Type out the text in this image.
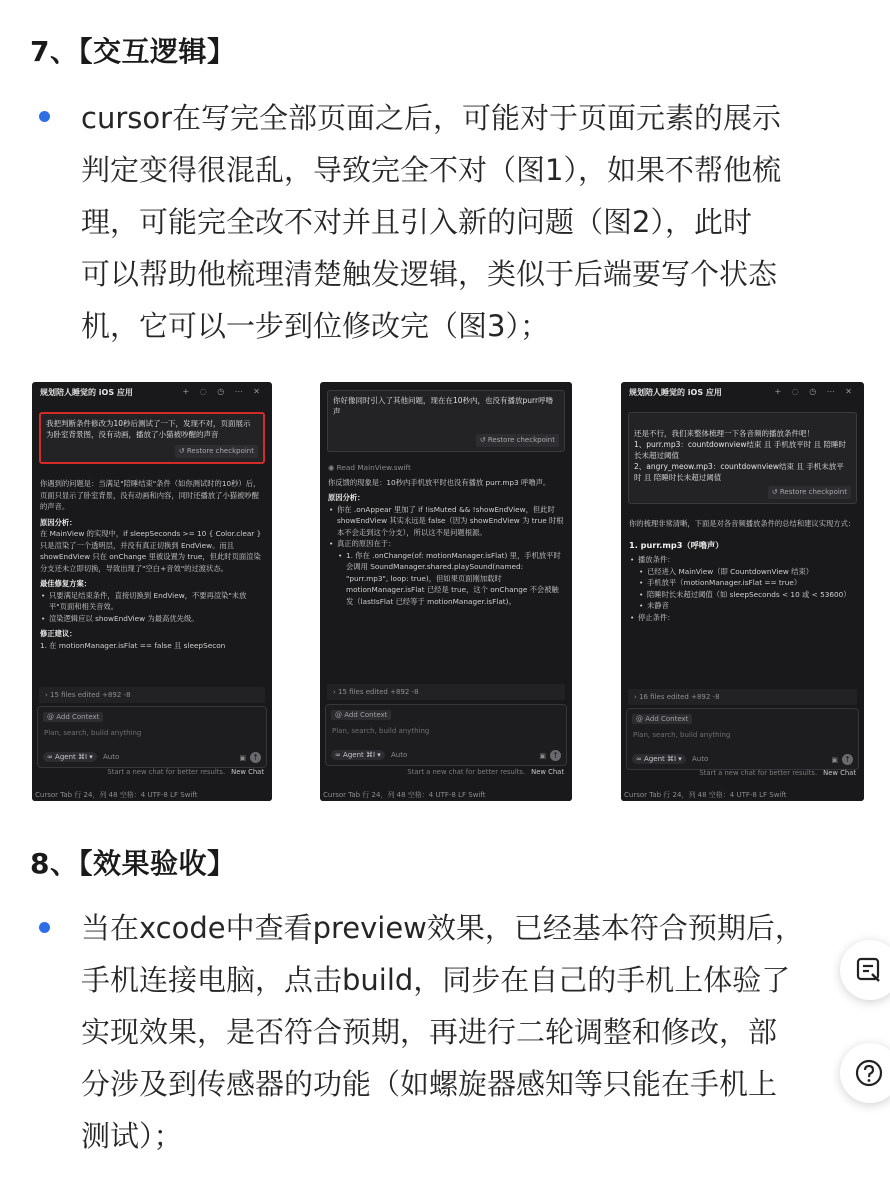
7、【交互逻辑】
cursor在写完全部页面之后，可能对于页面元素的展示
判定变得很混乱，导致完全不对（图1），如果不帮他梳
理，可能完全改不对并且引入新的问题（图2），此时
可以帮助他梳理清楚触发逻辑，类似于后端要写个状态
机，它可以一步到位修改完（图3）；
规划陪人睡觉的 iOS 应用	+ ◌ ◷ ⋯ ✕
我把判断条件修改为10秒后测试了一下，发现不对，页面展示为卧室背景图，没有动画，播放了小猫被吵醒的声音
↺ Restore checkpoint
你遇到的问题是：当满足"陪睡结束"条件（如你测试时的10秒）后，页面只显示了卧室背景，没有动画和内容，同时还播放了小猫被吵醒的声音。
原因分析：
在 MainView 的实现中，if sleepSeconds >= 10 { Color.clear } 只是渲染了一个透明层，并没有真正切换到 EndView。而且 showEndView 只在 onChange 里被设置为 true，但此时页面渲染分支还未立即切换，导致出现了"空白+音效"的过渡状态。
最佳修复方案：
• 只要满足结束条件，直接切换到 EndView，不要再渲染"未放平"页面和相关音效。
• 渲染逻辑应以 showEndView 为最高优先级。
修正建议：
1. 在 motionManager.isFlat == false 且 sleepSecon
› 15 files edited +892 -8
@ Add Context
Plan, search, build anything
∞ Agent ⌘I ▾	Auto	▣ ↑
Start a new chat for better results. New Chat
Cursor Tab 行 24，列 48 空格：4 UTF-8 LF Swift
你好像同时引入了其他问题，现在在10秒内，也没有播放purr呼噜声
↺ Restore checkpoint
◉ Read MainView.swift
你反馈的现象是：10秒内手机放平时也没有播放 purr.mp3 呼噜声。
原因分析：
• 你在 .onAppear 里加了 if !isMuted && !showEndView，但此时 showEndView 其实永远是 false（因为 showEndView 为 true 时根本不会走到这个分支），所以这不是问题根源。
• 真正的原因在于：
• 1. 你在 .onChange(of: motionManager.isFlat) 里，手机放平时会调用 SoundManager.shared.playSound(named: "purr.mp3", loop: true)，但如果页面刚加载时 motionManager.isFlat 已经是 true，这个 onChange 不会被触发（lastIsFlat 已经等于 motionManager.isFlat)。
› 15 files edited +892 -8
@ Add Context
Plan, search, build anything
∞ Agent ⌘I ▾	Auto	▣ ↑
Start a new chat for better results. New Chat
Cursor Tab 行 24，列 48 空格：4 UTF-8 LF Swift
规划陪人睡觉的 iOS 应用	+ ◌ ◷ ⋯ ✕

还是不行，我们来整体梳理一下各音频的播放条件吧！
1、purr.mp3：countdownview结束 且 手机放平时 且 陪睡时长未超过阈值
2、angry_meow.mp3：countdownview结束 且 手机未放平时 且 陪睡时长未超过阈值

↺ Restore checkpoint

你的梳理非常清晰，下面是对各音频播放条件的总结和建议实现方式：
1. purr.mp3（呼噜声）
• 播放条件：
• 已经进入 MainView（即 CountdownView 结束）
• 手机放平（motionManager.isFlat == true）
• 陪睡时长未超过阈值（如 sleepSeconds < 10 或 < 53600）
• 未静音
• 停止条件：
› 16 files edited +892 -8
@ Add Context
Plan, search, build anything
∞ Agent ⌘I ▾	Auto	▣ ↑
Start a new chat for better results. New Chat
Cursor Tab 行 24，列 48 空格：4 UTF-8 LF Swift
8、【效果验收】
当在xcode中查看preview效果，已经基本符合预期后，
手机连接电脑，点击build，同步在自己的手机上体验了
实现效果，是否符合预期，再进行二轮调整和修改，部
分涉及到传感器的功能（如螺旋器感知等只能在手机上
测试）；
